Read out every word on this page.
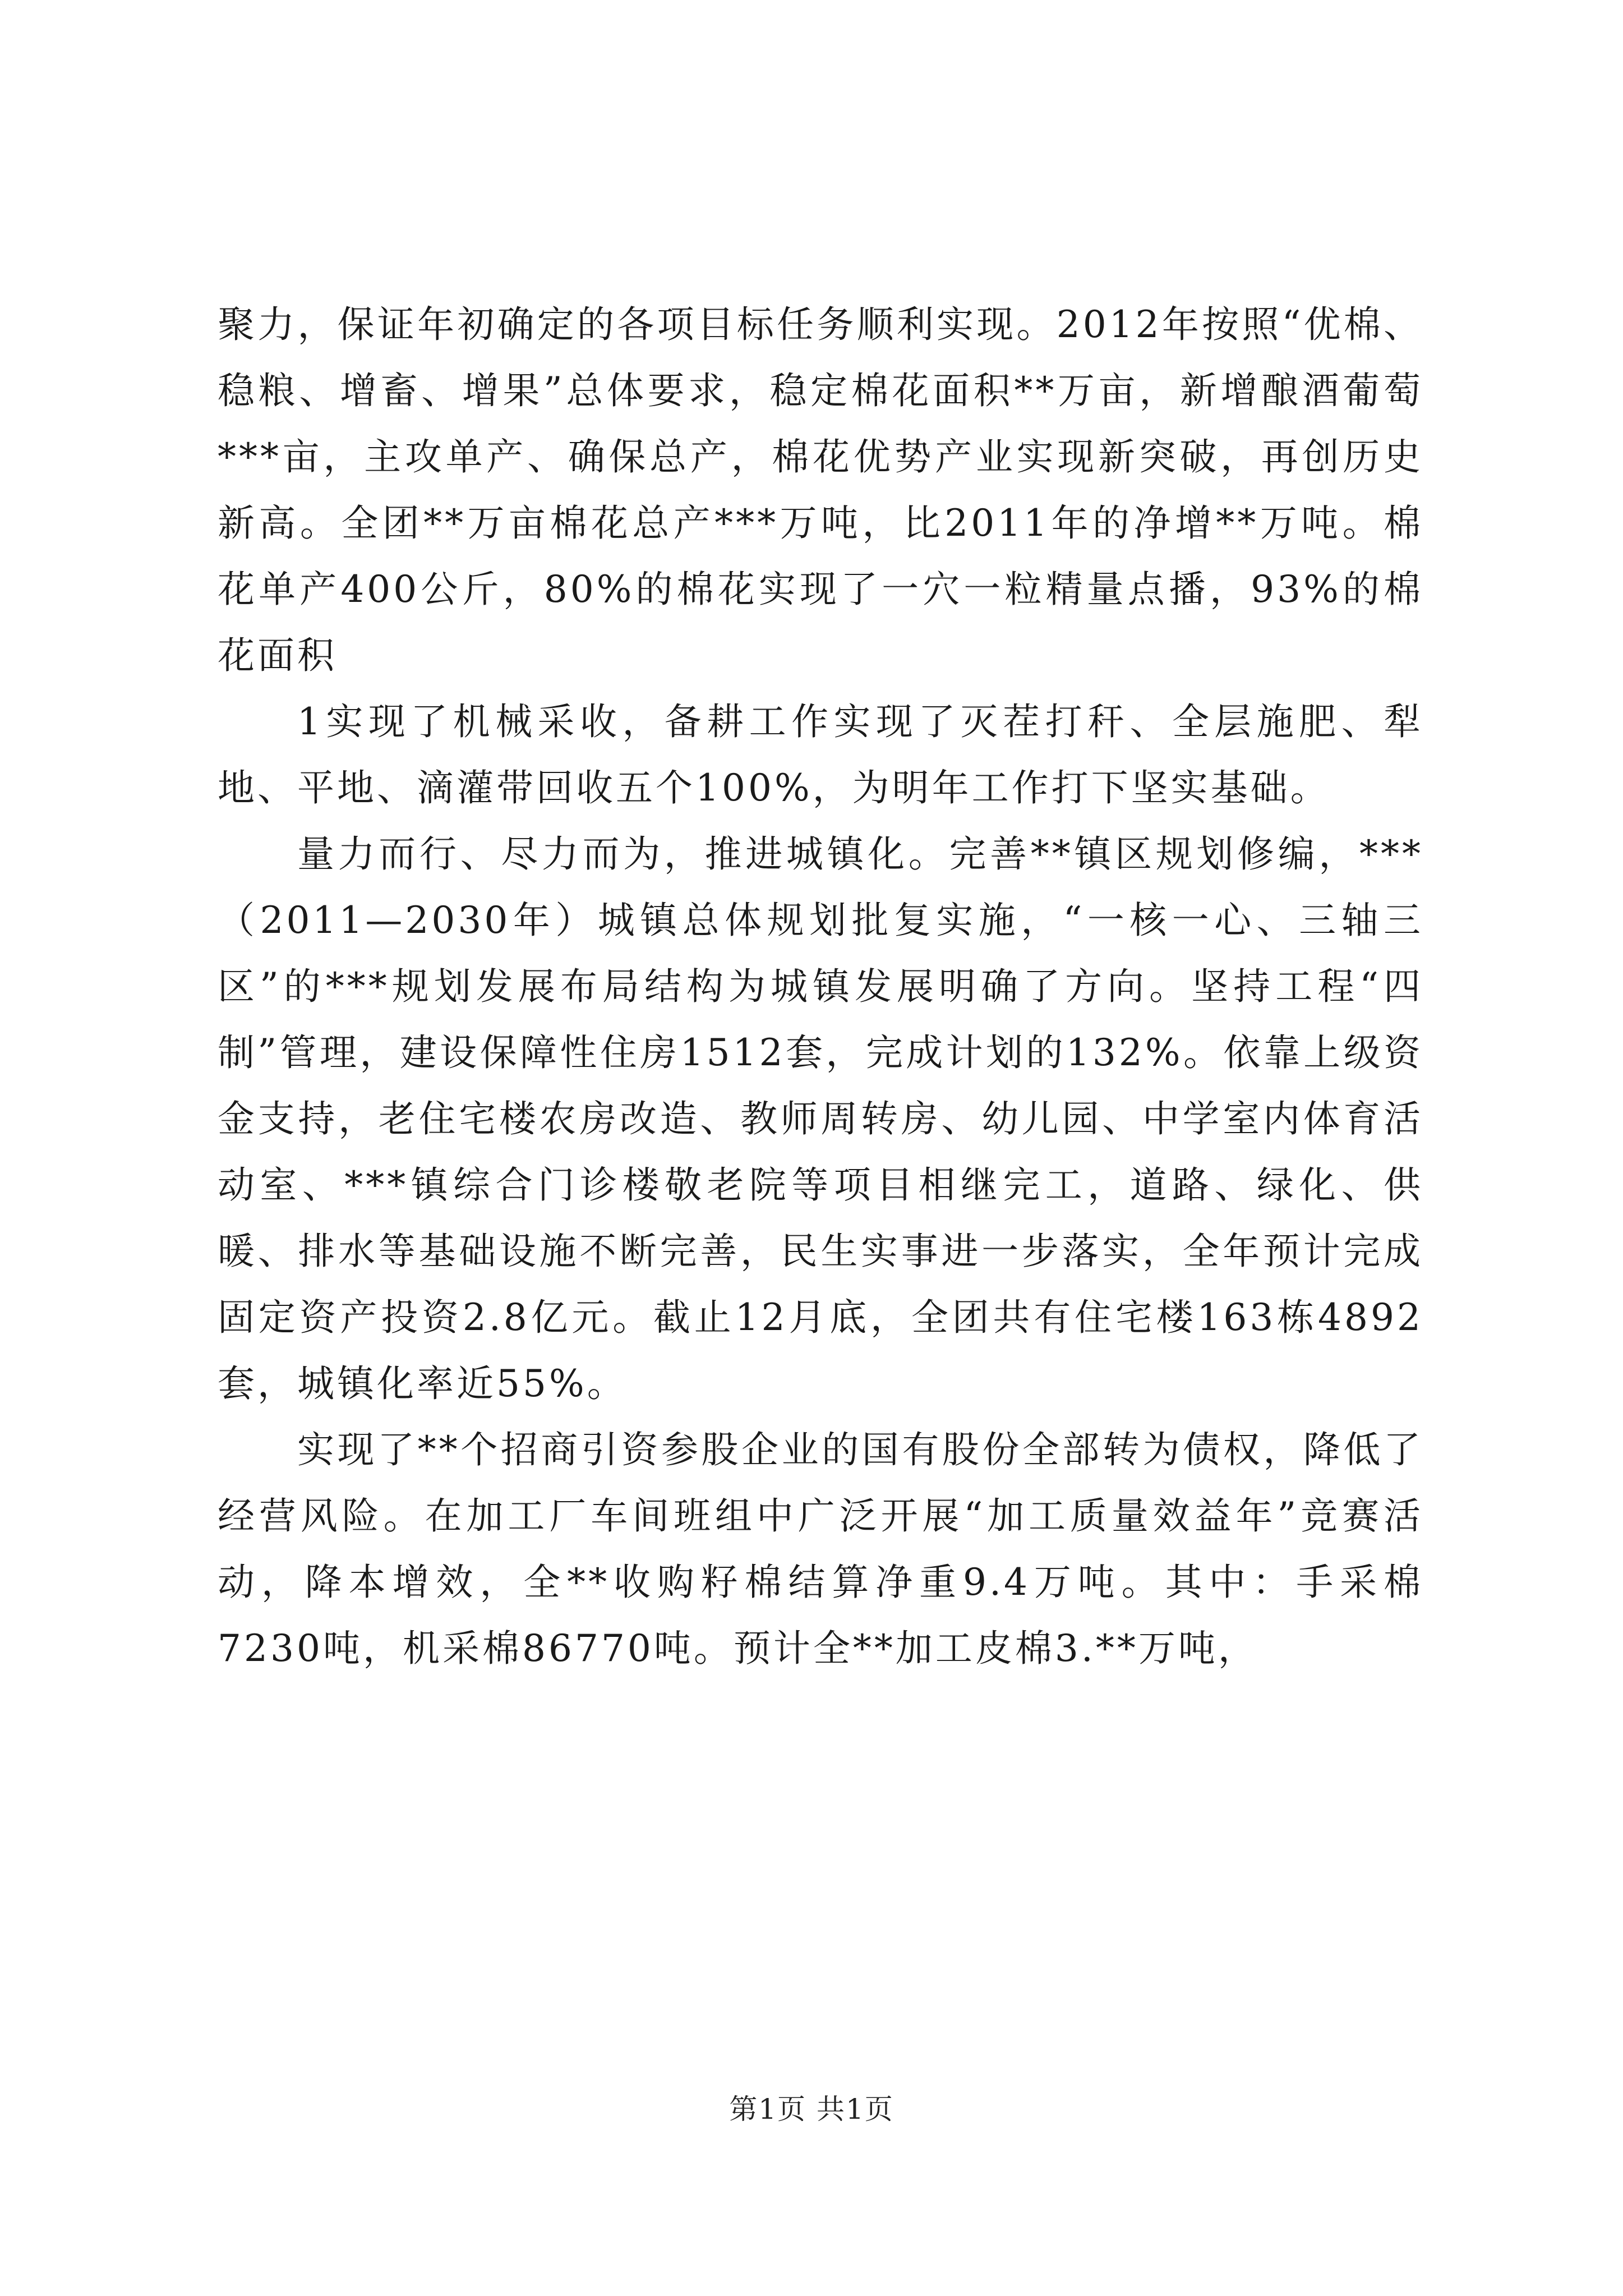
聚力，保证年初确定的各项目标任务顺利实现。2012年按照“优棉、稳粮、增畜、增果”总体要求，稳定棉花面积**万亩，新增酿酒葡萄***亩，主攻单产、确保总产，棉花优势产业实现新突破，再创历史新高。全团**万亩棉花总产***万吨，比2011年的净增**万吨。棉花单产400公斤，80%的棉花实现了一穴一粒精量点播，93%的棉花面积

1实现了机械采收，备耕工作实现了灭茬打秆、全层施肥、犁地、平地、滴灌带回收五个100%，为明年工作打下坚实基础。

量力而行、尽力而为，推进城镇化。完善**镇区规划修编，***（2011—2030年）城镇总体规划批复实施，“一核一心、三轴三区”的***规划发展布局结构为城镇发展明确了方向。坚持工程“四制”管理，建设保障性住房1512套，完成计划的132%。依靠上级资金支持，老住宅楼农房改造、教师周转房、幼儿园、中学室内体育活动室、***镇综合门诊楼敬老院等项目相继完工，道路、绿化、供暖、排水等基础设施不断完善，民生实事进一步落实，全年预计完成固定资产投资2.8亿元。截止12月底，全团共有住宅楼163栋4892套，城镇化率近55%。

实现了**个招商引资参股企业的国有股份全部转为债权，降低了经营风险。在加工厂车间班组中广泛开展“加工质量效益年”竞赛活动，降本增效，全**收购籽棉结算净重9.4万吨。其中：手采棉7230吨，机采棉86770吨。预计全**加工皮棉3.**万吨，

第1页 共1页
